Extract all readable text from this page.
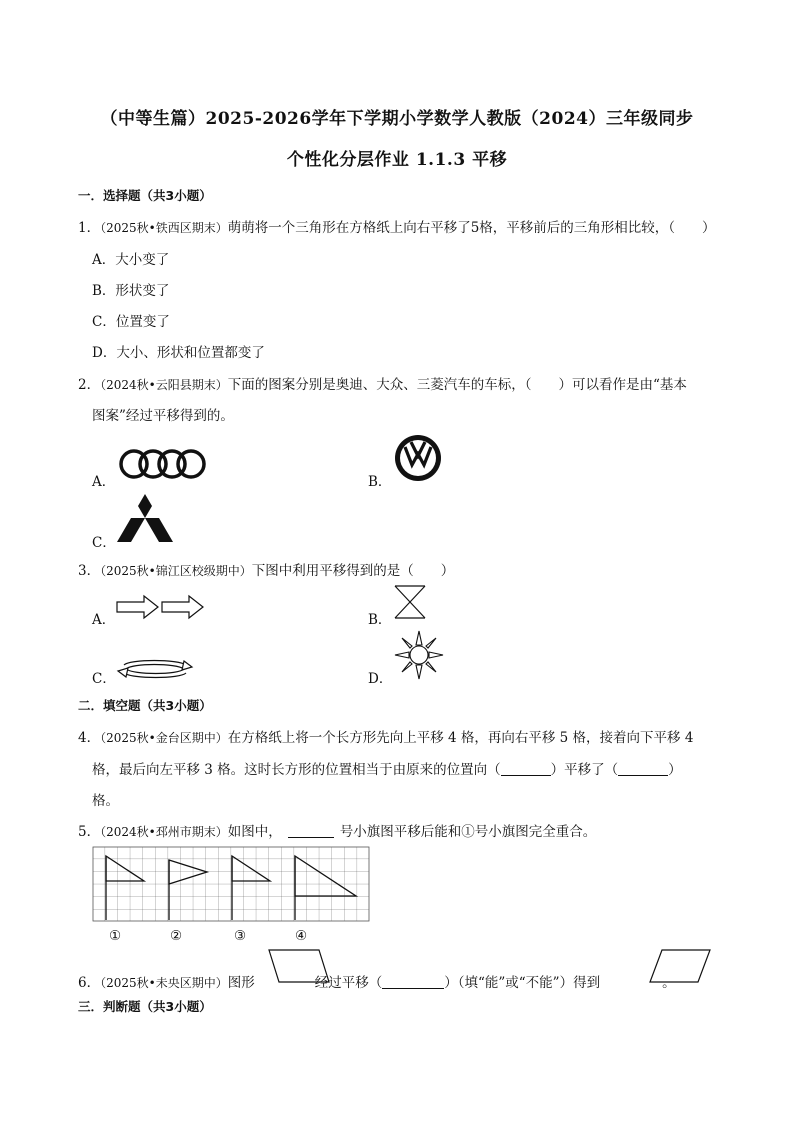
（中等生篇）2025-2026学年下学期小学数学人教版（2024）三年级同步
个性化分层作业 1.1.3 平移
一．选择题（共3小题）
1．（2025秋•铁西区期末）萌萌将一个三角形在方格纸上向右平移了5格，平移前后的三角形相比较，（　　）
A．大小变了
B．形状变了
C．位置变了
D．大小、形状和位置都变了
2．（2024秋•云阳县期末）下面的图案分别是奥迪、大众、三菱汽车的车标，（　　）可以看作是由“基本
图案”经过平移得到的。
A．	B．
C．
3．（2025秋•锦江区校级期中）下图中利用平移得到的是（　　）
A．	B．
C．	D．
二．填空题（共3小题）
4．（2025秋•金台区期中）在方格纸上将一个长方形先向上平移 4 格，再向右平移 5 格，接着向下平移 4
格，最后向左平移 3 格。这时长方形的位置相当于由原来的位置向（	）平移了（	）
格。
5．（2024秋•邳州市期末）如图中，	号小旗图平移后能和①号小旗图完全重合。
①	②	③	④
6．（2025秋•未央区期中）图形	经过平移（	）（填“能”或“不能”）得到	。
三．判断题（共3小题）
